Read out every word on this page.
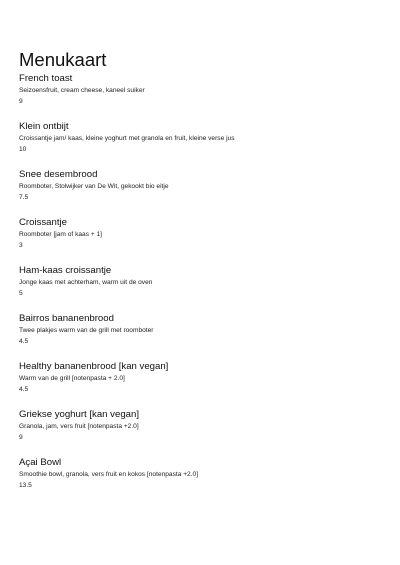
Menukaart
French toast
Seizoensfruit, cream cheese, kaneel suiker
9
Klein ontbijt
Croissantje jam/ kaas, kleine yoghurt met granola en fruit, kleine verse jus
10
Snee desembrood
Roomboter, Stolwijker van De Wit, gekookt bio eitje
7.5
Croissantje
Roomboter [jam of kaas + 1]
3
Ham-kaas croissantje
Jonge kaas met achterham, warm uit de oven
5
Bairros bananenbrood
Twee plakjes warm van de grill met roomboter
4.5
Healthy bananenbrood [kan vegan]
Warm van de grill [notenpasta + 2.0]
4.5
Griekse yoghurt [kan vegan]
Granola, jam, vers fruit [notenpasta +2.0]
9
Açai Bowl
Smoothie bowl, granola, vers fruit en kokos [notenpasta +2.0]
13.5
